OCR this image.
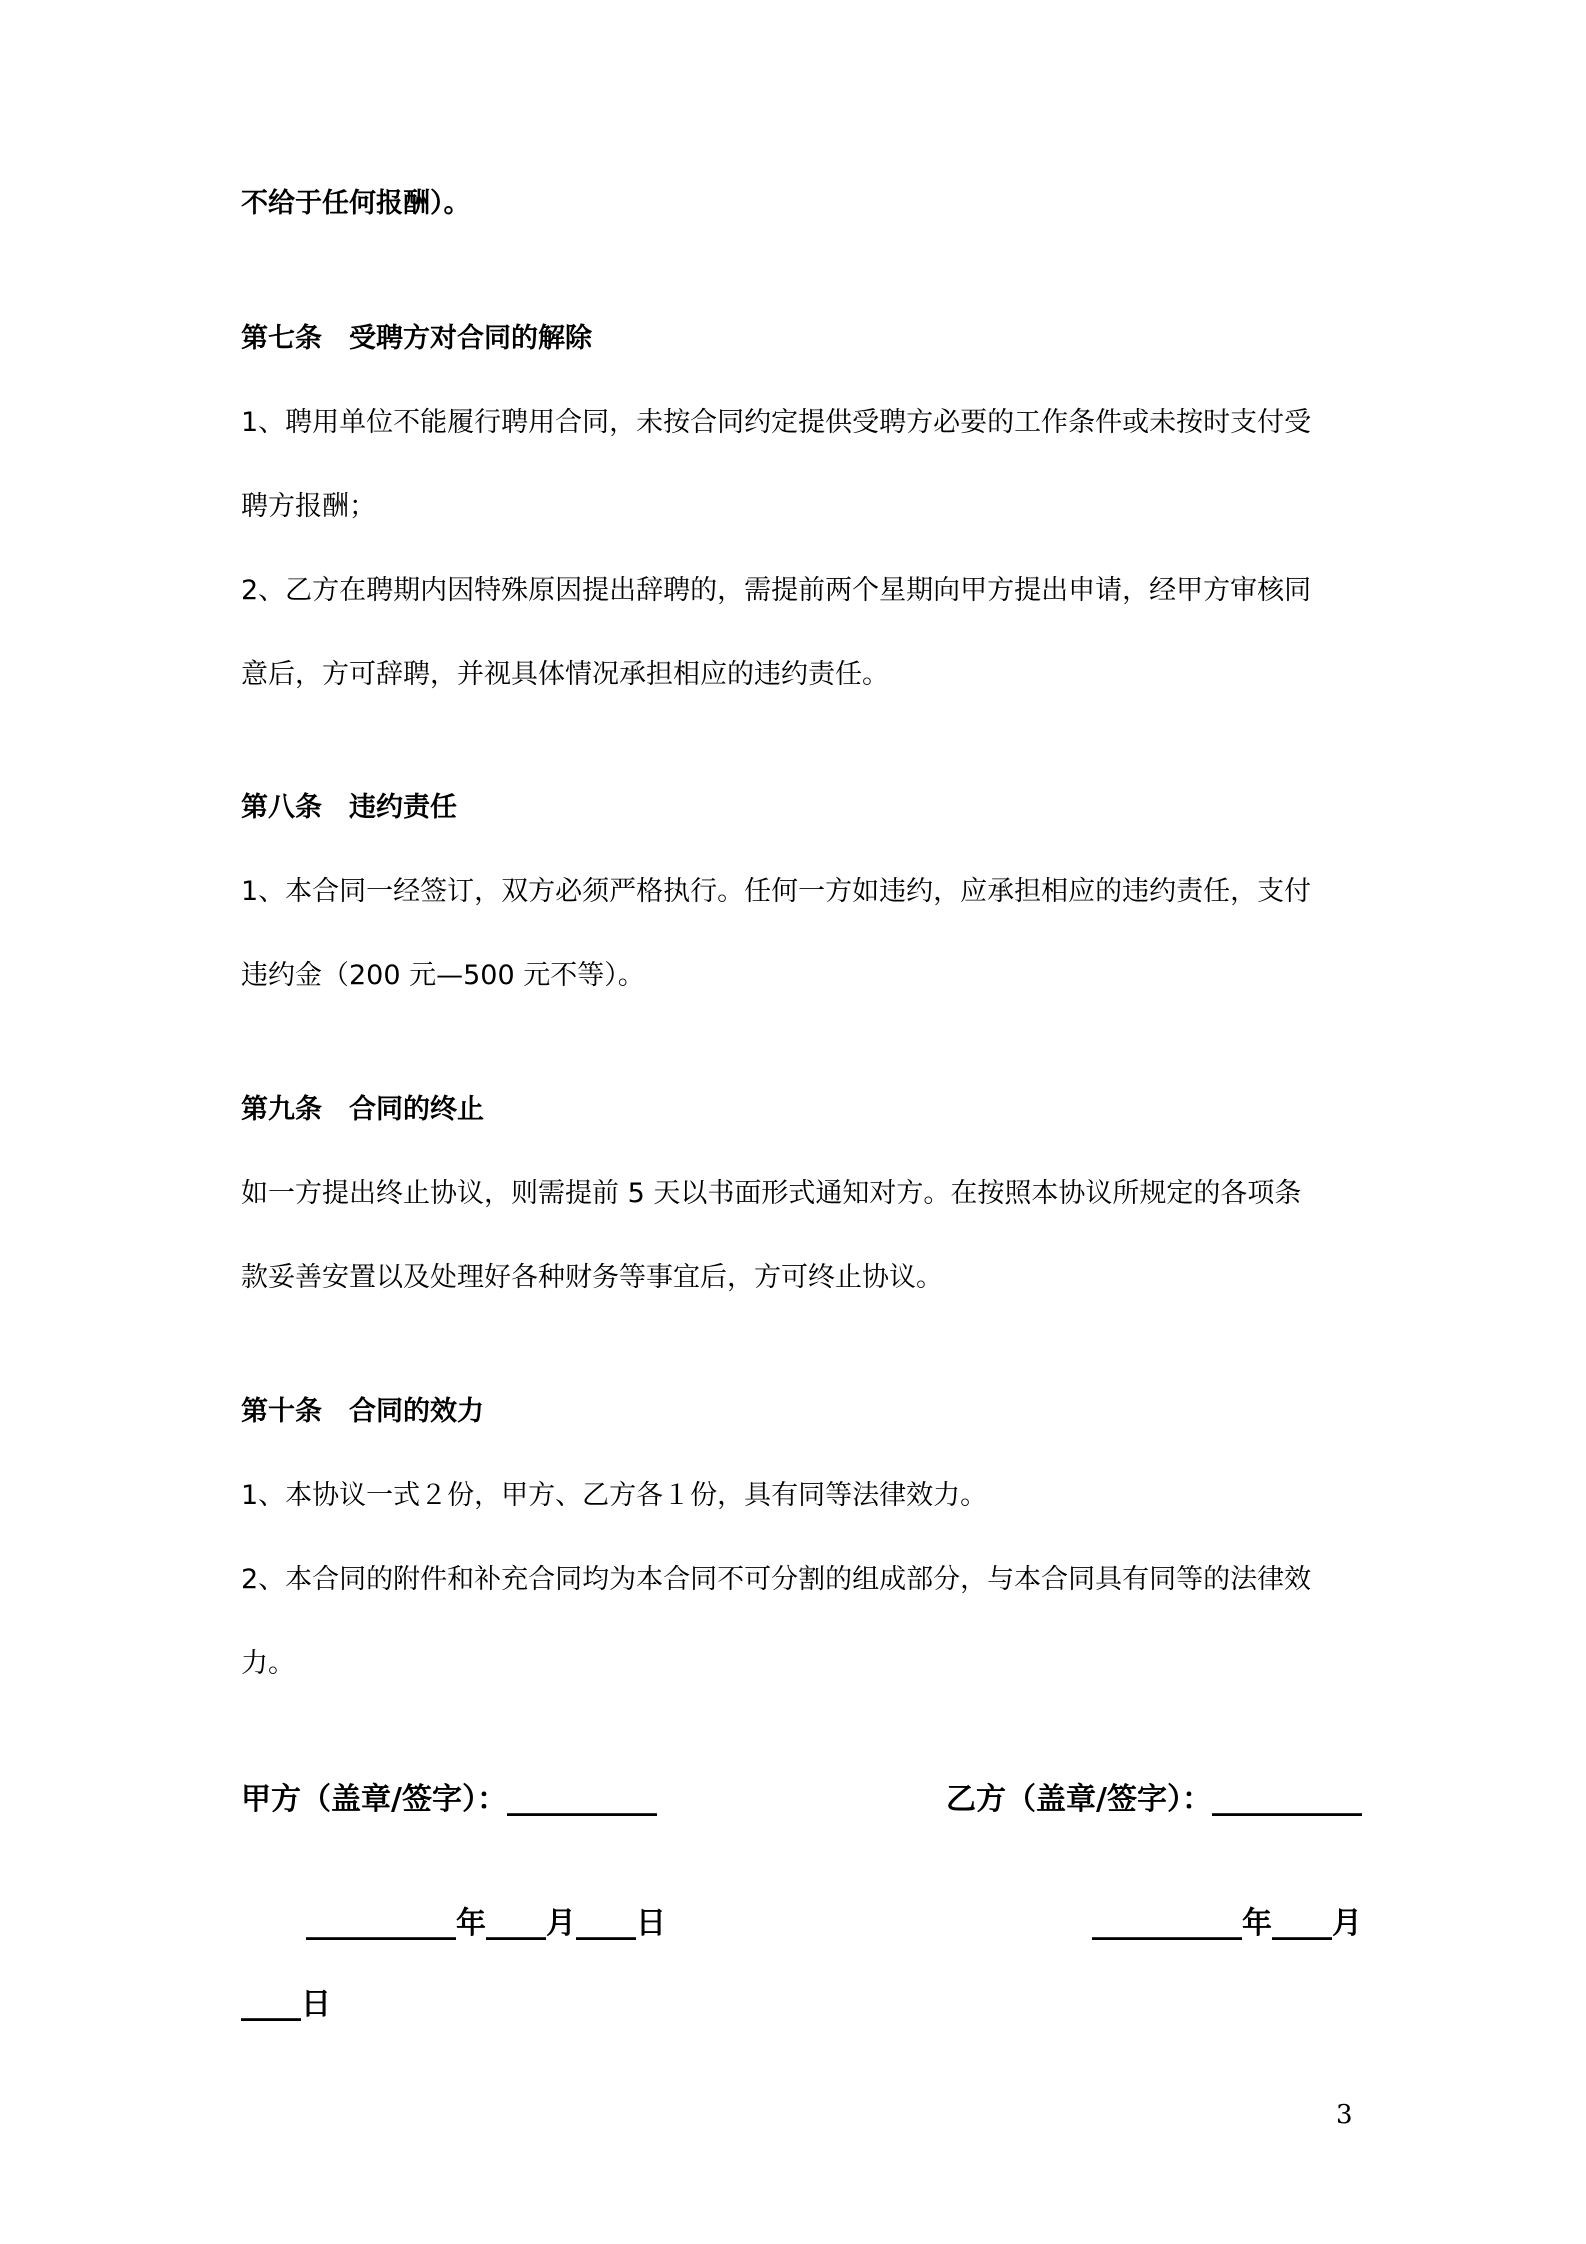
不给于任何报酬）。

第七条　受聘方对合同的解除

1、聘用单位不能履行聘用合同，未按合同约定提供受聘方必要的工作条件或未按时支付受

聘方报酬；

2、乙方在聘期内因特殊原因提出辞聘的，需提前两个星期向甲方提出申请，经甲方审核同

意后，方可辞聘，并视具体情况承担相应的违约责任。

第八条　违约责任

1、本合同一经签订，双方必须严格执行。任何一方如违约，应承担相应的违约责任，支付

违约金（200 元—500 元不等）。

第九条　合同的终止

如一方提出终止协议，则需提前 5 天以书面形式通知对方。在按照本协议所规定的各项条

款妥善安置以及处理好各种财务等事宜后，方可终止协议。

第十条　合同的效力

1、本协议一式２份，甲方、乙方各１份，具有同等法律效力。

2、本合同的附件和补充合同均为本合同不可分割的组成部分，与本合同具有同等的法律效

力。

甲方（盖章/签字）：__________	乙方（盖章/签字）：__________

__________年____月____日	__________年____月

____日

3
